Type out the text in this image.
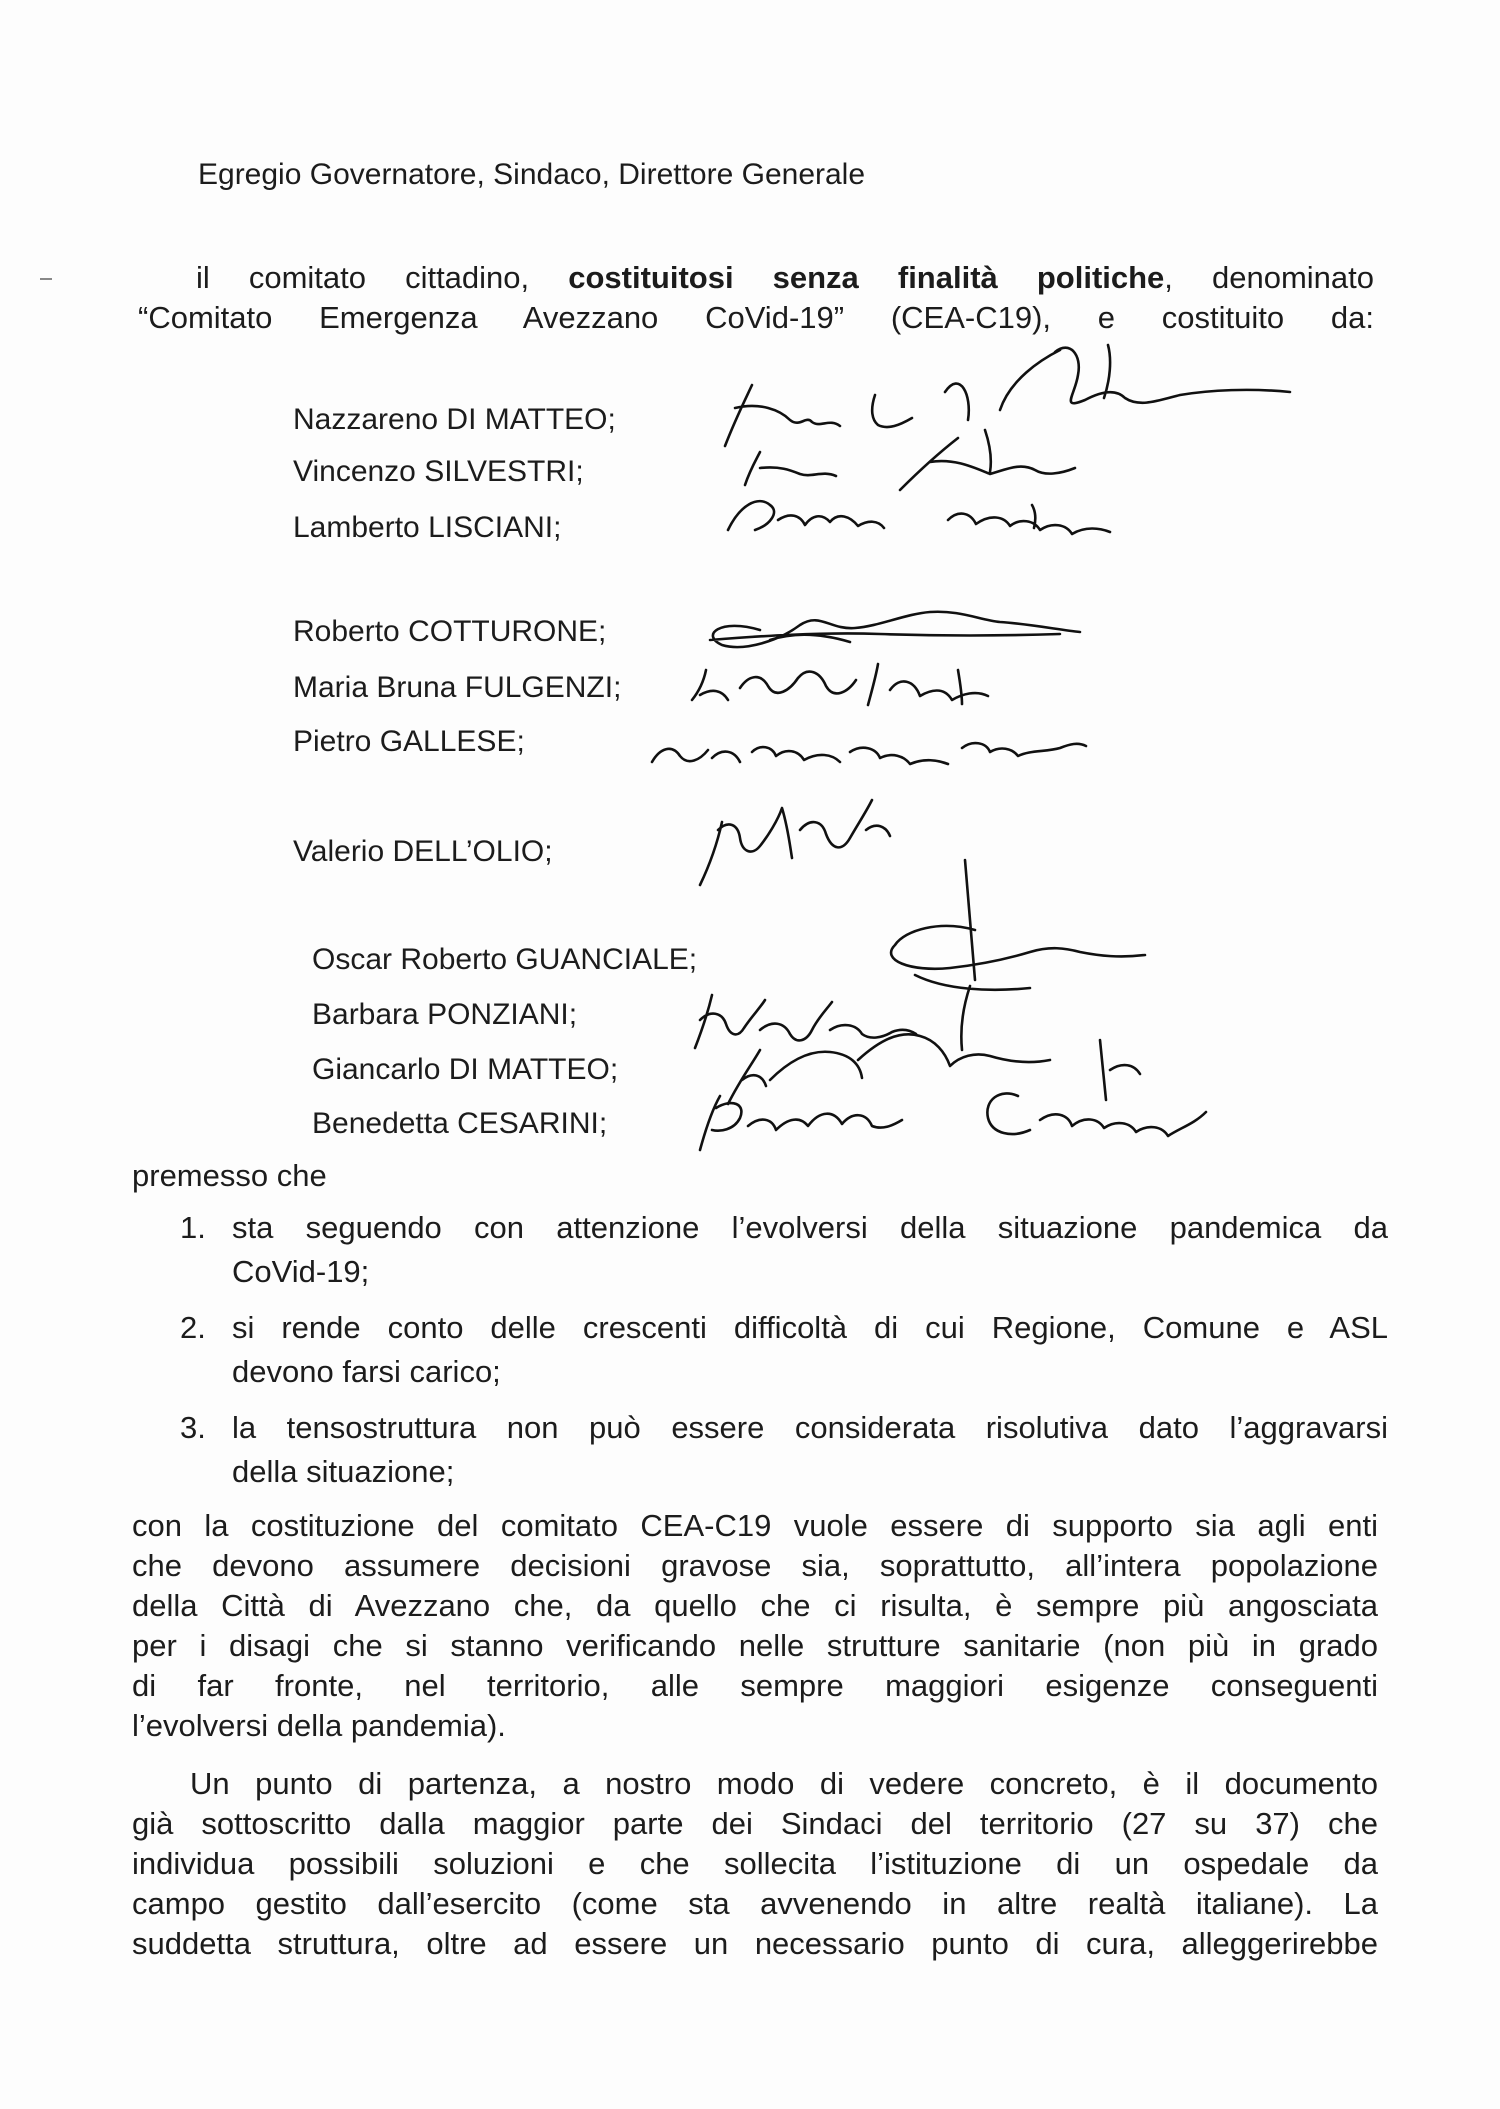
Egregio Governatore, Sindaco, Direttore Generale
il comitato cittadino, costituitosi senza finalità politiche, denominato
“Comitato Emergenza Avezzano CoVid-19” (CEA-C19), e costituito da:
Nazzareno DI MATTEO;
Vincenzo SILVESTRI;
Lamberto LISCIANI;
Roberto COTTURONE;
Maria Bruna FULGENZI;
Pietro GALLESE;
Valerio DELL’OLIO;
Oscar Roberto GUANCIALE;
Barbara PONZIANI;
Giancarlo DI MATTEO;
Benedetta CESARINI;
premesso che
1. sta seguendo con attenzione l’evolversi della situazione pandemica da
CoVid-19;
2. si rende conto delle crescenti difficoltà di cui Regione, Comune e ASL
devono farsi carico;
3. la tensostruttura non può essere considerata risolutiva dato l’aggravarsi
della situazione;
con la costituzione del comitato CEA-C19 vuole essere di supporto sia agli enti
che devono assumere decisioni gravose sia, soprattutto, all’intera popolazione
della Città di Avezzano che, da quello che ci risulta, è sempre più angosciata
per i disagi che si stanno verificando nelle strutture sanitarie (non più in grado
di far fronte, nel territorio, alle sempre maggiori esigenze conseguenti
l’evolversi della pandemia).
Un punto di partenza, a nostro modo di vedere concreto, è il documento
già sottoscritto dalla maggior parte dei Sindaci del territorio (27 su 37) che
individua possibili soluzioni e che sollecita l’istituzione di un ospedale da
campo gestito dall’esercito (come sta avvenendo in altre realtà italiane). La
suddetta struttura, oltre ad essere un necessario punto di cura, alleggerirebbe
